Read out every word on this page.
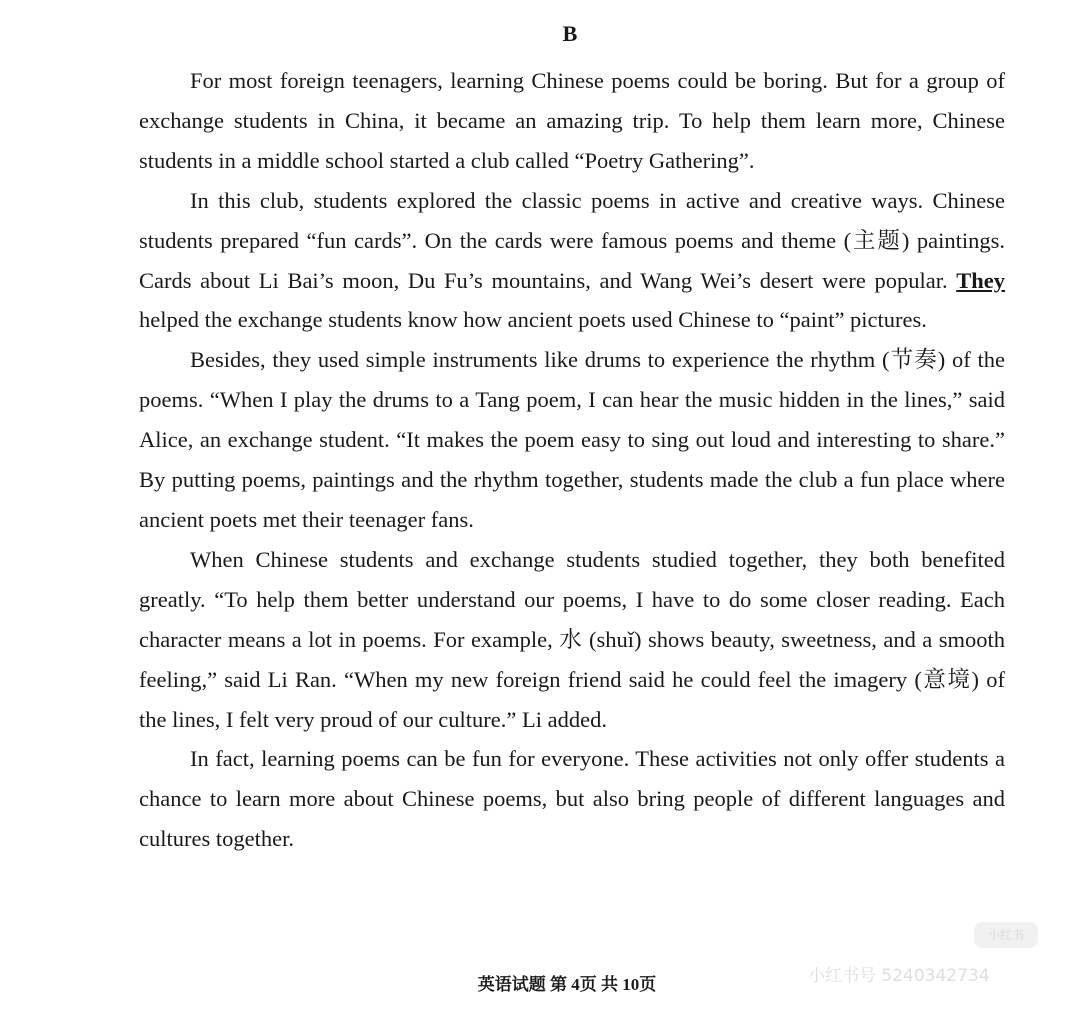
B

For most foreign teenagers, learning Chinese poems could be boring. But for a group of exchange students in China, it became an amazing trip. To help them learn more, Chinese students in a middle school started a club called “Poetry Gathering”.

In this club, students explored the classic poems in active and creative ways. Chinese students prepared “fun cards”. On the cards were famous poems and theme (主题) paintings. Cards about Li Bai’s moon, Du Fu’s mountains, and Wang Wei’s desert were popular. They helped the exchange students know how ancient poets used Chinese to “paint” pictures.

Besides, they used simple instruments like drums to experience the rhythm (节奏) of the poems. “When I play the drums to a Tang poem, I can hear the music hidden in the lines,” said Alice, an exchange student. “It makes the poem easy to sing out loud and interesting to share.” By putting poems, paintings and the rhythm together, students made the club a fun place where ancient poets met their teenager fans.

When Chinese students and exchange students studied together, they both benefited greatly. “To help them better understand our poems, I have to do some closer reading. Each character means a lot in poems. For example, 水 (shuǐ) shows beauty, sweetness, and a smooth feeling,” said Li Ran. “When my new foreign friend said he could feel the imagery (意境) of the lines, I felt very proud of our culture.” Li added.

In fact, learning poems can be fun for everyone. These activities not only offer students a chance to learn more about Chinese poems, but also bring people of different languages and cultures together.

英语试题 第 4页 共 10页
小红书
小红书号 5240342734
